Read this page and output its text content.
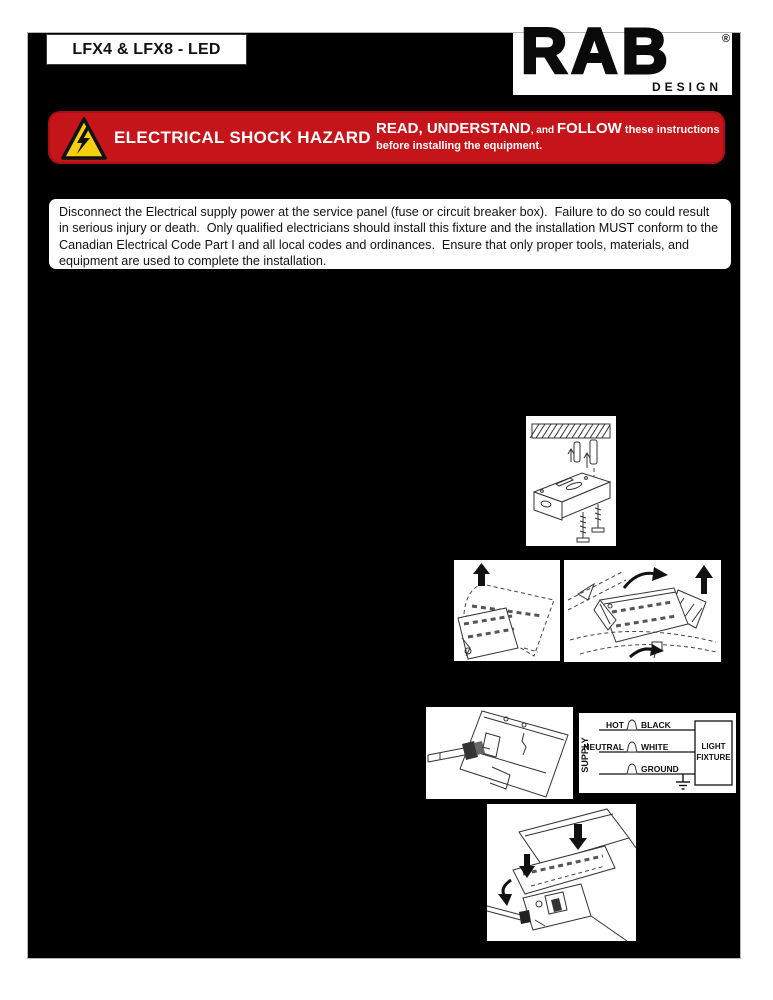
LFX4 & LFX8 - LED	RAB	®
DESIGN
ELECTRICAL SHOCK HAZARD READ, UNDERSTAND, and FOLLOW these instructions
before installing the equipment.
Disconnect the Electrical supply power at the service panel (fuse or circuit breaker box).  Failure to do so could result in serious injury or death.  Only qualified electricians should install this fixture and the installation MUST conform to the Canadian Electrical Code Part I and all local codes and ordinances.  Ensure that only proper tools, materials, and equipment are used to complete the installation.
SUPPLY
HOT BLACK
NEUTRAL WHITE
GROUND
LIGHT
FIXTURE
